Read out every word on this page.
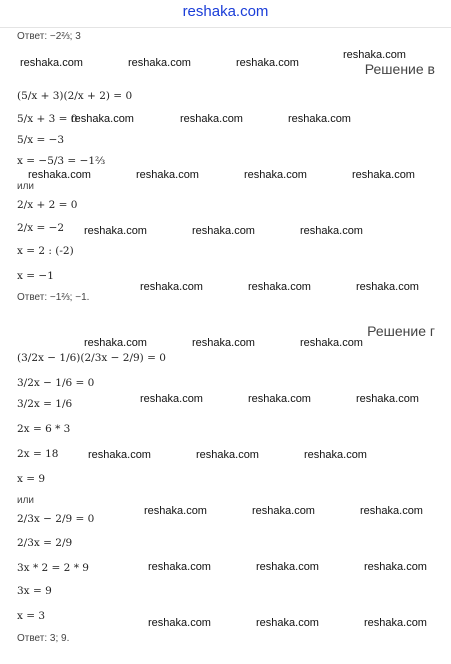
reshaka.com
Ответ: −2⅔; 3
Решение в
(5/x + 3)(2/x + 2) = 0
5/x + 3 = 0
5/x = −3
x = −5/3 = −1⅔
или
2/x + 2 = 0
2/x = −2
x = 2 : (-2)
x = −1
Ответ: −1⅔; −1.
Решение г
(3/2x − 1/6)(2/3x − 2/9) = 0
3/2x − 1/6 = 0
3/2x = 1/6
2x = 6 * 3
2x = 18
x = 9
или
2/3x − 2/9 = 0
2/3x = 2/9
3x * 2 = 2 * 9
3x = 9
x = 3
Ответ: 3; 9.
reshaka.com
reshaka.com	reshaka.com	reshaka.com
reshaka.com	reshaka.com	reshaka.com
reshaka.com	reshaka.com	reshaka.com	reshaka.com
reshaka.com	reshaka.com	reshaka.com
reshaka.com	reshaka.com	reshaka.com
reshaka.com	reshaka.com	reshaka.com
reshaka.com	reshaka.com	reshaka.com
reshaka.com	reshaka.com	reshaka.com
reshaka.com	reshaka.com	reshaka.com
reshaka.com	reshaka.com	reshaka.com
reshaka.com	reshaka.com	reshaka.com
